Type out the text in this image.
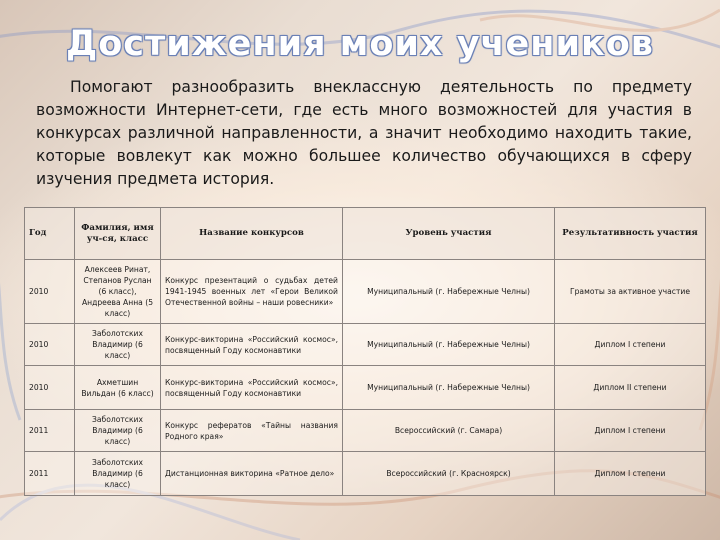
Достижения моих учеников
Помогают разнообразить внеклассную деятельность по предмету возможности Интернет-сети, где есть много возможностей для участия в конкурсах различной направленности, а значит необходимо находить такие, которые вовлекут как можно большее количество обучающихся в сферу изучения предмета история.
Год	Фамилия, имя уч-ся, класс	Название конкурсов	Уровень участия	Результативность участия
2010	Алексеев Ринат, Степанов Руслан (6 класс), Андреева Анна (5 класс)	Конкурс презентаций о судьбах детей 1941-1945 военных лет «Герои Великой Отечественной войны – наши ровесники»	Муниципальный (г. Набережные Челны)	Грамоты за активное участие
2010	Заболотских Владимир (6 класс)	Конкурс-викторина «Российский космос», посвященный Году космонавтики	Муниципальный (г. Набережные Челны)	Диплом I степени
2010	Ахметшин Вильдан (6 класс)	Конкурс-викторина «Российский космос», посвященный Году космонавтики	Муниципальный (г. Набережные Челны)	Диплом II степени
2011	Заболотских Владимир (6 класс)	Конкурс рефератов «Тайны названия Родного края»	Всероссийский (г. Самара)	Диплом I степени
2011	Заболотских Владимир (6 класс)	Дистанционная викторина «Ратное дело»	Всероссийский (г. Красноярск)	Диплом I степени
